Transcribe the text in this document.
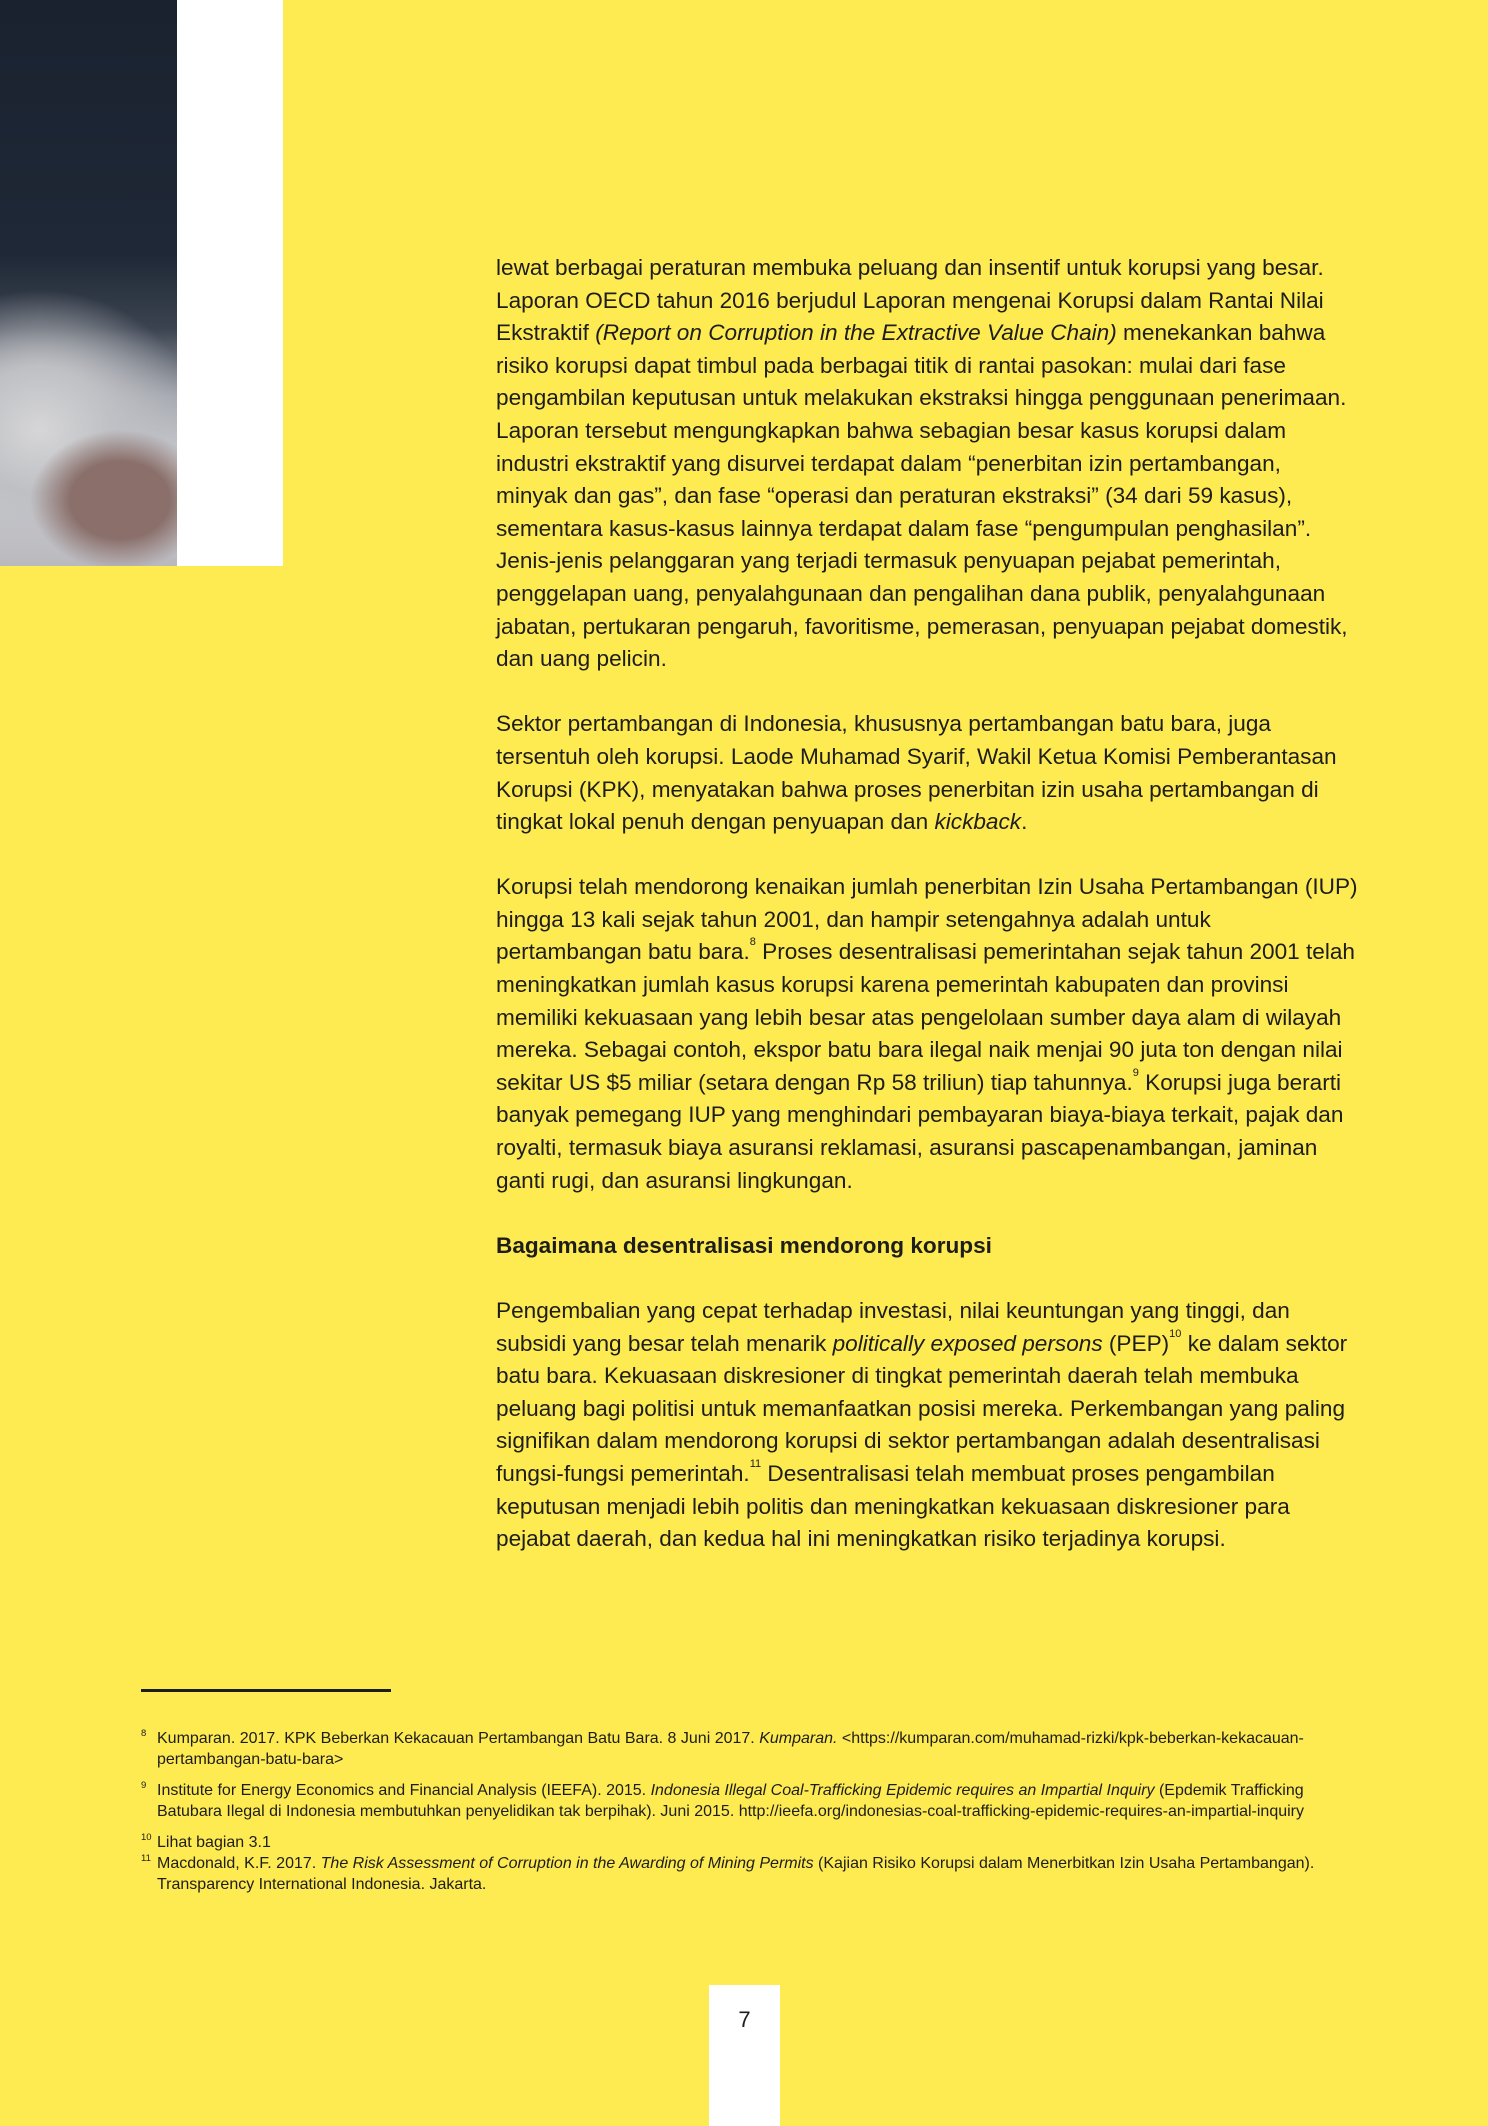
lewat berbagai peraturan membuka peluang dan insentif untuk korupsi yang besar. Laporan OECD tahun 2016 berjudul Laporan mengenai Korupsi dalam Rantai Nilai Ekstraktif (Report on Corruption in the Extractive Value Chain) menekankan bahwa risiko korupsi dapat timbul pada berbagai titik di rantai pasokan: mulai dari fase pengambilan keputusan untuk melakukan ekstraksi hingga penggunaan penerimaan. Laporan tersebut mengungkapkan bahwa sebagian besar kasus korupsi dalam industri ekstraktif yang disurvei terdapat dalam “penerbitan izin pertambangan, minyak dan gas”, dan fase “operasi dan peraturan ekstraksi” (34 dari 59 kasus), sementara kasus-kasus lainnya terdapat dalam fase “pengumpulan penghasilan”. Jenis-jenis pelanggaran yang terjadi termasuk penyuapan pejabat pemerintah, penggelapan uang, penyalahgunaan dan pengalihan dana publik, penyalahgunaan jabatan, pertukaran pengaruh, favoritisme, pemerasan, penyuapan pejabat domestik, dan uang pelicin.

Sektor pertambangan di Indonesia, khususnya pertambangan batu bara, juga tersentuh oleh korupsi. Laode Muhamad Syarif, Wakil Ketua Komisi Pemberantasan Korupsi (KPK), menyatakan bahwa proses penerbitan izin usaha pertambangan di tingkat lokal penuh dengan penyuapan dan kickback.

Korupsi telah mendorong kenaikan jumlah penerbitan Izin Usaha Pertambangan (IUP) hingga 13 kali sejak tahun 2001, dan hampir setengahnya adalah untuk pertambangan batu bara.$^8$ Proses desentralisasi pemerintahan sejak tahun 2001 telah meningkatkan jumlah kasus korupsi karena pemerintah kabupaten dan provinsi memiliki kekuasaan yang lebih besar atas pengelolaan sumber daya alam di wilayah mereka. Sebagai contoh, ekspor batu bara ilegal naik menjai 90 juta ton dengan nilai sekitar US $5 miliar (setara dengan Rp 58 triliun) tiap tahunnya.$^9$ Korupsi juga berarti banyak pemegang IUP yang menghindari pembayaran biaya-biaya terkait, pajak dan royalti, termasuk biaya asuransi reklamasi, asuransi pascapenambangan, jaminan ganti rugi, dan asuransi lingkungan.

Bagaimana desentralisasi mendorong korupsi

Pengembalian yang cepat terhadap investasi, nilai keuntungan yang tinggi, dan subsidi yang besar telah menarik politically exposed persons (PEP)$^{10}$ ke dalam sektor batu bara. Kekuasaan diskresioner di tingkat pemerintah daerah telah membuka peluang bagi politisi untuk memanfaatkan posisi mereka. Perkembangan yang paling signifikan dalam mendorong korupsi di sektor pertambangan adalah desentralisasi fungsi-fungsi pemerintah.$^{11}$ Desentralisasi telah membuat proses pengambilan keputusan menjadi lebih politis dan meningkatkan kekuasaan diskresioner para pejabat daerah, dan kedua hal ini meningkatkan risiko terjadinya korupsi.

8 Kumparan. 2017. KPK Beberkan Kekacauan Pertambangan Batu Bara. 8 Juni 2017. Kumparan. <https://kumparan.com/muhamad-rizki/kpk-beberkan-kekacauan-pertambangan-batu-bara>
9 Institute for Energy Economics and Financial Analysis (IEEFA). 2015. Indonesia Illegal Coal-Trafficking Epidemic requires an Impartial Inquiry (Epdemik Trafficking Batubara Ilegal di Indonesia membutuhkan penyelidikan tak berpihak). Juni 2015. http://ieefa.org/indonesias-coal-trafficking-epidemic-requires-an-impartial-inquiry
10 Lihat bagian 3.1
11 Macdonald, K.F. 2017. The Risk Assessment of Corruption in the Awarding of Mining Permits (Kajian Risiko Korupsi dalam Menerbitkan Izin Usaha Pertambangan). Transparency International Indonesia. Jakarta.
7
